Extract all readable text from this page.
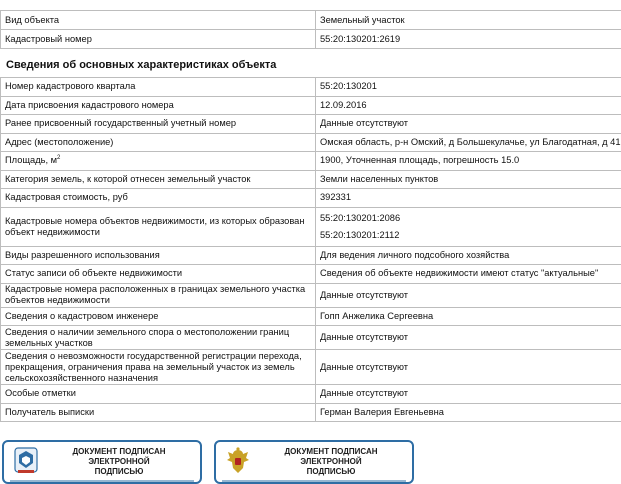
Вид объекта	Земельный участок
Кадастровый номер	55:20:130201:2619
Сведения об основных характеристиках объекта
Номер кадастрового квартала	55:20:130201
Дата присвоения кадастрового номера	12.09.2016
Ранее присвоенный государственный учетный номер	Данные отсутствуют
Адрес (местоположение)	Омская область, р-н Омский, д Большекулачье, ул Благодатная, д 41
Площадь, $м^2$	1900, Уточненная площадь, погрешность 15.0
Категория земель, к которой отнесен земельный участок	Земли населенных пунктов
Кадастровая стоимость, руб	392331
Кадастровые номера объектов недвижимости, из которых образован объект недвижимости	55:20:130201:2086
55:20:130201:2112

Виды разрешенного использования	Для ведения личного подсобного хозяйства
Статус записи об объекте недвижимости	Сведения об объекте недвижимости имеют статус "актуальные"
Кадастровые номера расположенных в границах земельного участка объектов недвижимости	Данные отсутствуют
Сведения о кадастровом инженере	Гопп Анжелика Сергеевна
Сведения о наличии земельного спора о местоположении границ земельных участков	Данные отсутствуют
Сведения о невозможности государственной регистрации перехода, прекращения, ограничения права на земельный участок из земель сельскохозяйственного назначения	Данные отсутствуют
Особые отметки	Данные отсутствуют
Получатель выписки	Герман Валерия Евгеньевна
ДОКУМЕНТ ПОДПИСАН
ЭЛЕКТРОННОЙ
ПОДПИСЬЮ
ДОКУМЕНТ ПОДПИСАН
ЭЛЕКТРОННОЙ
ПОДПИСЬЮ
